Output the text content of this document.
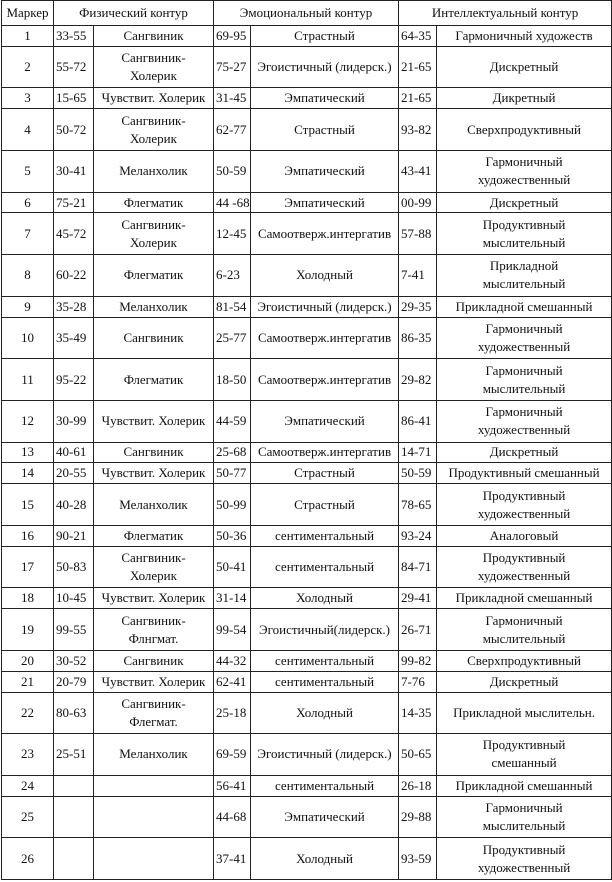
Маркер	Физический контур		Эмоциональный контур		Интеллектуальный контур	

1	33-55	Сангвиник	69-95	Страстный	64-35	Гармоничный художеств

2	55-72	Сангвиник-
Холерик	75-27	Эгоистичный (лидерск.)	21-65	Дискретный

3	15-65	Чувствит. Холерик	31-45	Эмпатический	21-65	Дикретный

4	50-72	Сангвиник-
Холерик	62-77	Страстный	93-82	Сверхпродуктивный

5	30-41	Меланхолик	50-59	Эмпатический	43-41	Гармоничный
художественный

6	75-21	Флегматик	44 -68	Эмпатический	00-99	Дискретный

7	45-72	Сангвиник-
Холерик	12-45	Самоотверж.интергатив	57-88	Продуктивный
мыслительный

8	60-22	Флегматик	6-23	Холодный	7-41	Прикладной
мыслительный

9	35-28	Меланхолик	81-54	Эгоистичный (лидерск.)	29-35	Прикладной смешанный

10	35-49	Сангвиник	25-77	Самоотверж.интергатив	86-35	Гармоничный
художественный

11	95-22	Флегматик	18-50	Самоотверж.интергатив	29-82	Гармоничный
мыслительный

12	30-99	Чувствит. Холерик	44-59	Эмпатический	86-41	Гармоничный
художественный

13	40-61	Сангвиник	25-68	Самоотверж.интергатив	14-71	Дискретный

14	20-55	Чувствит. Холерик	50-77	Страстный	50-59	Продуктивный смешанный

15	40-28	Меланхолик	50-99	Страстный	78-65	Продуктивный
художественный

16	90-21	Флегматик	50-36	сентиментальный	93-24	Аналоговый

17	50-83	Сангвиник-
Холерик	50-41	сентиментальный	84-71	Продуктивный
художественный

18	10-45	Чувствит. Холерик	31-14	Холодный	29-41	Прикладной смешанный

19	99-55	Сангвиник-
Флнгмат.	99-54	Эгоистичный(лидерск.)	26-71	Гармоничный
мыслительный

20	30-52	Сангвиник	44-32	сентиментальный	99-82	Сверхпродуктивный

21	20-79	Чувствит. Холерик	62-41	сентиментальный	7-76	Дискретный

22	80-63	Сангвиник-
Флегмат.	25-18	Холодный	14-35	Прикладной мыслительн.

23	25-51	Меланхолик	69-59	Эгоистичный (лидерск.)	50-65	Продуктивный
смешанный

24			56-41	сентиментальный	26-18	Прикладной смешанный

25			44-68	Эмпатический	29-88	Гармоничный
мыслительный

26			37-41	Холодный	93-59	Продуктивный
художественный
